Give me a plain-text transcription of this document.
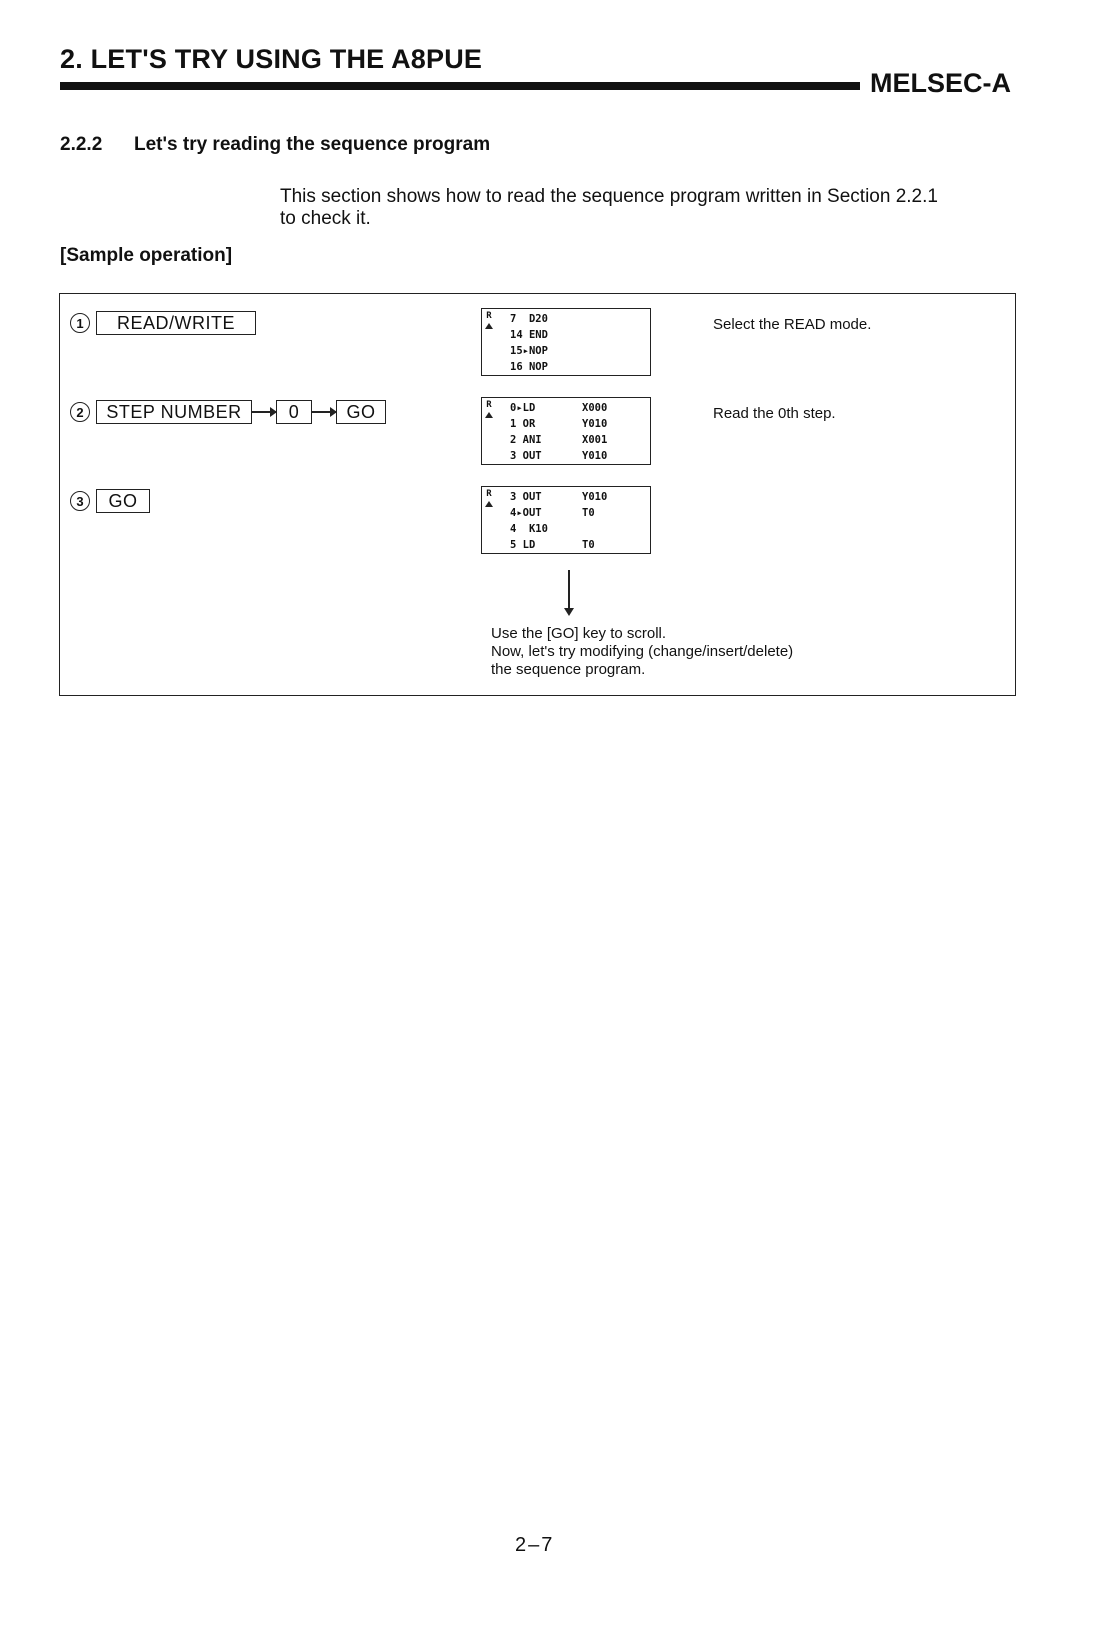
2. LET'S TRY USING THE A8PUE
MELSEC-A
2.2.2 Let's try reading the sequence program
This section shows how to read the sequence program written in Section 2.2.1
to check it.
[Sample operation]
1	READ/WRITE
2	STEP NUMBER	0	GO
3	GO
R 7  D20
14 END
15▸NOP
16 NOP
R 0▸LD	X000
1 OR	Y010
2 ANI	X001
3 OUT	Y010
R 3 OUT	Y010
4▸OUT	T0
4  K10
5 LD	T0
Select the READ mode.
Read the 0th step.
Use the [GO] key to scroll.
Now, let's try modifying (change/insert/delete)
the sequence program.
2–7
